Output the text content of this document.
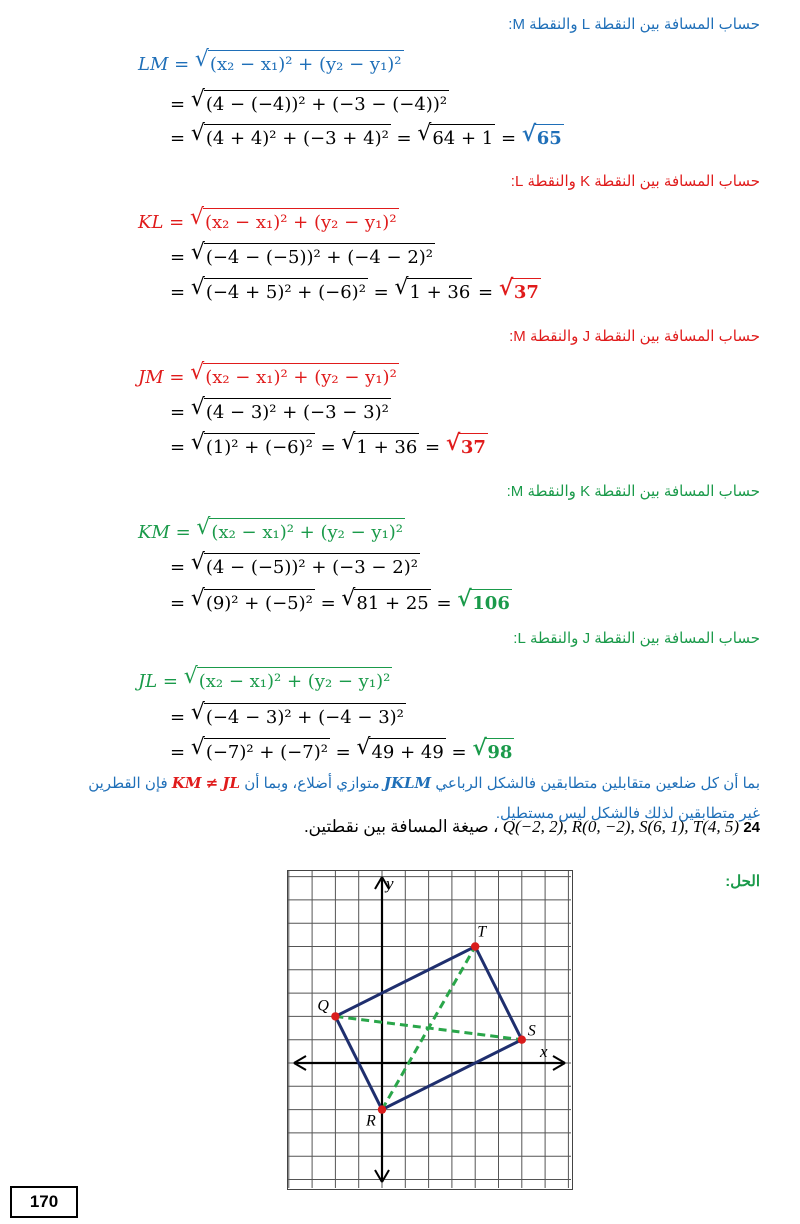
حساب المسافة بين النقطة L والنقطة M:
LM = √ (x₂ − x₁)² + (y₂ − y₁)²
= √ (4 − (−4))² + (−3 − (−4))²
= √ (4 + 4)² + (−3 + 4)² = √ 64 + 1 = √ 65
حساب المسافة بين النقطة K والنقطة L:
KL = √ (x₂ − x₁)² + (y₂ − y₁)²
= √ (−4 − (−5))² + (−4 − 2)²
= √ (−4 + 5)² + (−6)² = √ 1 + 36 = √ 37
حساب المسافة بين النقطة J والنقطة M:
JM = √ (x₂ − x₁)² + (y₂ − y₁)²
= √ (4 − 3)² + (−3 − 3)²
= √ (1)² + (−6)² = √ 1 + 36 = √ 37
حساب المسافة بين النقطة K والنقطة M:
KM = √ (x₂ − x₁)² + (y₂ − y₁)²
= √ (4 − (−5))² + (−3 − 2)²
= √ (9)² + (−5)² = √ 81 + 25 = √ 106
حساب المسافة بين النقطة J والنقطة L:
JL = √ (x₂ − x₁)² + (y₂ − y₁)²
= √ (−4 − 3)² + (−4 − 3)²
= √ (−7)² + (−7)² = √ 49 + 49 = √ 98
بما أن كل ضلعين متقابلين متطابقين فالشكل الرباعي JKLM متوازي أضلاع، وبما أن KM ≠ JL فإن القطرين
غير متطابقين لذلك فالشكل ليس مستطيل.
24 Q(−2, 2), R(0, −2), S(6, 1), T(4, 5) ، صيغة المسافة بين نقطتين.
الحل:
x
y
Q
R
S
T
170
